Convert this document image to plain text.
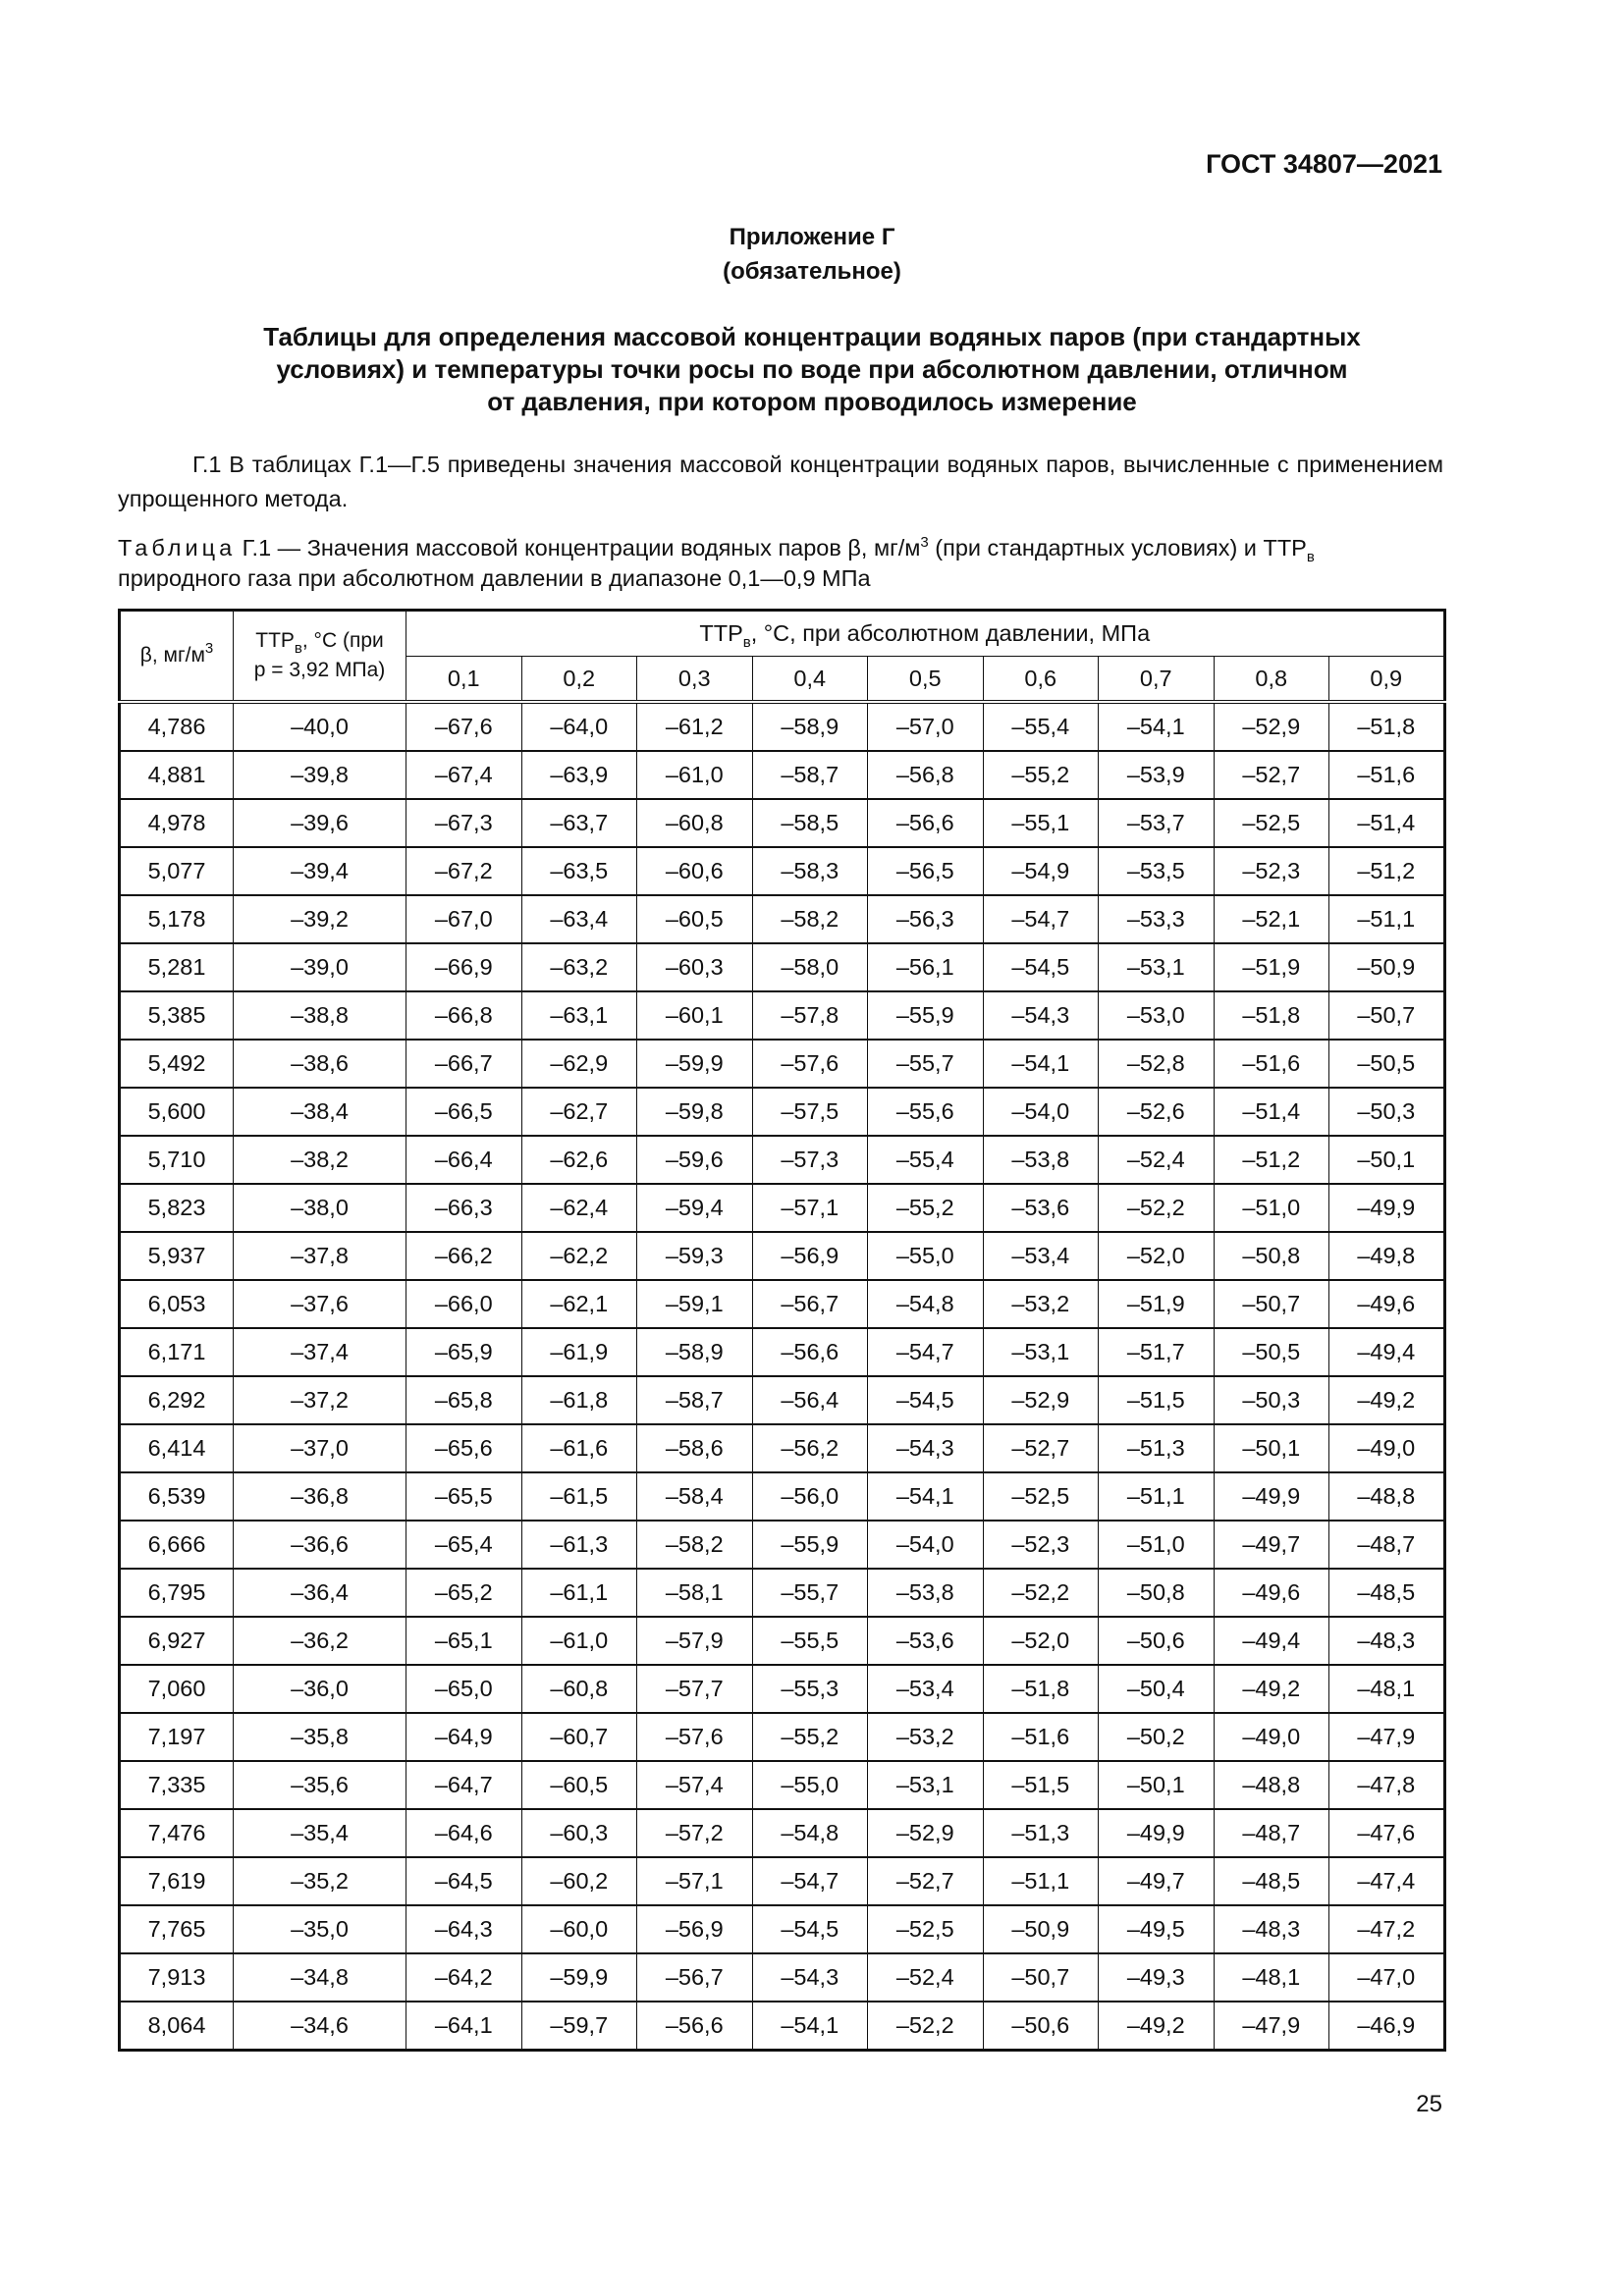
ГОСТ 34807—2021
Приложение Г
(обязательное)
Таблицы для определения массовой концентрации водяных паров (при стандартных
условиях) и температуры точки росы по воде при абсолютном давлении, отличном
от давления, при котором проводилось измерение
Г.1 В таблицах Г.1—Г.5 приведены значения массовой концентрации водяных паров, вычисленные с применением упрощенного метода.
Таблица Г.1 — Значения массовой концентрации водяных паров β, $мг/м^3$ (при стандартных условиях) и $ТТР_в$
природного газа при абсолютном давлении в диапазоне 0,1—0,9 МПа
β, $мг/м^3$	$ТТР_в$, °С (при
p = 3,92 МПа)	$ТТР_в$, °С, при абсолютном давлении, МПа								
		0,1	0,2	0,3	0,4	0,5	0,6	0,7	0,8	0,9
4,786	–40,0	–67,6	–64,0	–61,2	–58,9	–57,0	–55,4	–54,1	–52,9	–51,8
4,881	–39,8	–67,4	–63,9	–61,0	–58,7	–56,8	–55,2	–53,9	–52,7	–51,6
4,978	–39,6	–67,3	–63,7	–60,8	–58,5	–56,6	–55,1	–53,7	–52,5	–51,4
5,077	–39,4	–67,2	–63,5	–60,6	–58,3	–56,5	–54,9	–53,5	–52,3	–51,2
5,178	–39,2	–67,0	–63,4	–60,5	–58,2	–56,3	–54,7	–53,3	–52,1	–51,1
5,281	–39,0	–66,9	–63,2	–60,3	–58,0	–56,1	–54,5	–53,1	–51,9	–50,9
5,385	–38,8	–66,8	–63,1	–60,1	–57,8	–55,9	–54,3	–53,0	–51,8	–50,7
5,492	–38,6	–66,7	–62,9	–59,9	–57,6	–55,7	–54,1	–52,8	–51,6	–50,5
5,600	–38,4	–66,5	–62,7	–59,8	–57,5	–55,6	–54,0	–52,6	–51,4	–50,3
5,710	–38,2	–66,4	–62,6	–59,6	–57,3	–55,4	–53,8	–52,4	–51,2	–50,1
5,823	–38,0	–66,3	–62,4	–59,4	–57,1	–55,2	–53,6	–52,2	–51,0	–49,9
5,937	–37,8	–66,2	–62,2	–59,3	–56,9	–55,0	–53,4	–52,0	–50,8	–49,8
6,053	–37,6	–66,0	–62,1	–59,1	–56,7	–54,8	–53,2	–51,9	–50,7	–49,6
6,171	–37,4	–65,9	–61,9	–58,9	–56,6	–54,7	–53,1	–51,7	–50,5	–49,4
6,292	–37,2	–65,8	–61,8	–58,7	–56,4	–54,5	–52,9	–51,5	–50,3	–49,2
6,414	–37,0	–65,6	–61,6	–58,6	–56,2	–54,3	–52,7	–51,3	–50,1	–49,0
6,539	–36,8	–65,5	–61,5	–58,4	–56,0	–54,1	–52,5	–51,1	–49,9	–48,8
6,666	–36,6	–65,4	–61,3	–58,2	–55,9	–54,0	–52,3	–51,0	–49,7	–48,7
6,795	–36,4	–65,2	–61,1	–58,1	–55,7	–53,8	–52,2	–50,8	–49,6	–48,5
6,927	–36,2	–65,1	–61,0	–57,9	–55,5	–53,6	–52,0	–50,6	–49,4	–48,3
7,060	–36,0	–65,0	–60,8	–57,7	–55,3	–53,4	–51,8	–50,4	–49,2	–48,1
7,197	–35,8	–64,9	–60,7	–57,6	–55,2	–53,2	–51,6	–50,2	–49,0	–47,9
7,335	–35,6	–64,7	–60,5	–57,4	–55,0	–53,1	–51,5	–50,1	–48,8	–47,8
7,476	–35,4	–64,6	–60,3	–57,2	–54,8	–52,9	–51,3	–49,9	–48,7	–47,6
7,619	–35,2	–64,5	–60,2	–57,1	–54,7	–52,7	–51,1	–49,7	–48,5	–47,4
7,765	–35,0	–64,3	–60,0	–56,9	–54,5	–52,5	–50,9	–49,5	–48,3	–47,2
7,913	–34,8	–64,2	–59,9	–56,7	–54,3	–52,4	–50,7	–49,3	–48,1	–47,0
8,064	–34,6	–64,1	–59,7	–56,6	–54,1	–52,2	–50,6	–49,2	–47,9	–46,9
25
